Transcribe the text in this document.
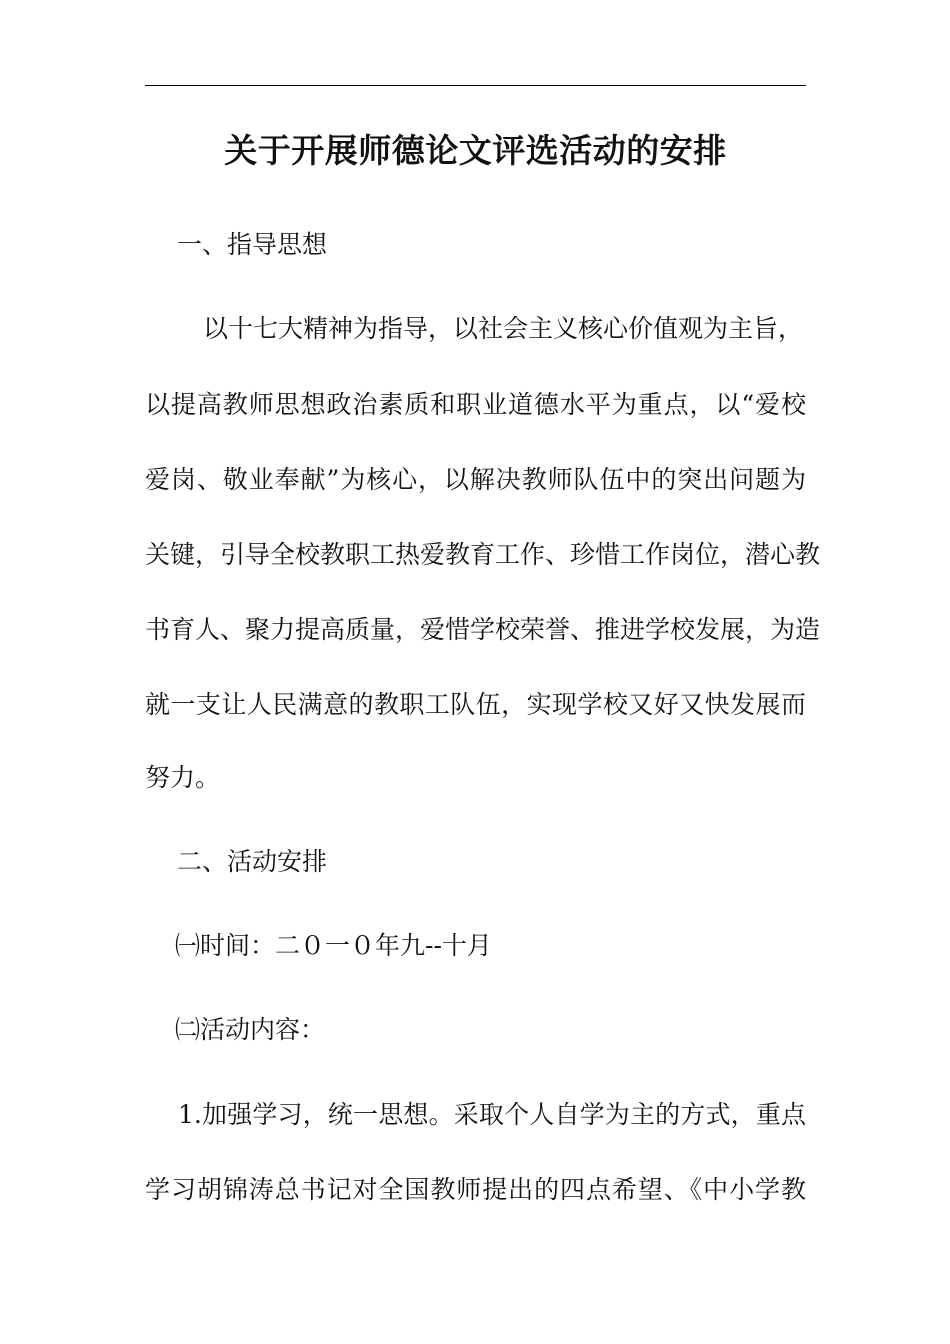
关于开展师德论文评选活动的安排
一、指导思想
以十七大精神为指导，以社会主义核心价值观为主旨，
以提高教师思想政治素质和职业道德水平为重点，以“爱校
爱岗、敬业奉献”为核心，以解决教师队伍中的突出问题为
关键，引导全校教职工热爱教育工作、珍惜工作岗位，潜心教
书育人、聚力提高质量，爱惜学校荣誉、推进学校发展，为造
就一支让人民满意的教职工队伍，实现学校又好又快发展而
努力。
二、活动安排
㈠时间：二０一０年九--十月
㈡活动内容：
1.加强学习，统一思想。采取个人自学为主的方式，重点
学习胡锦涛总书记对全国教师提出的四点希望、《中小学教
